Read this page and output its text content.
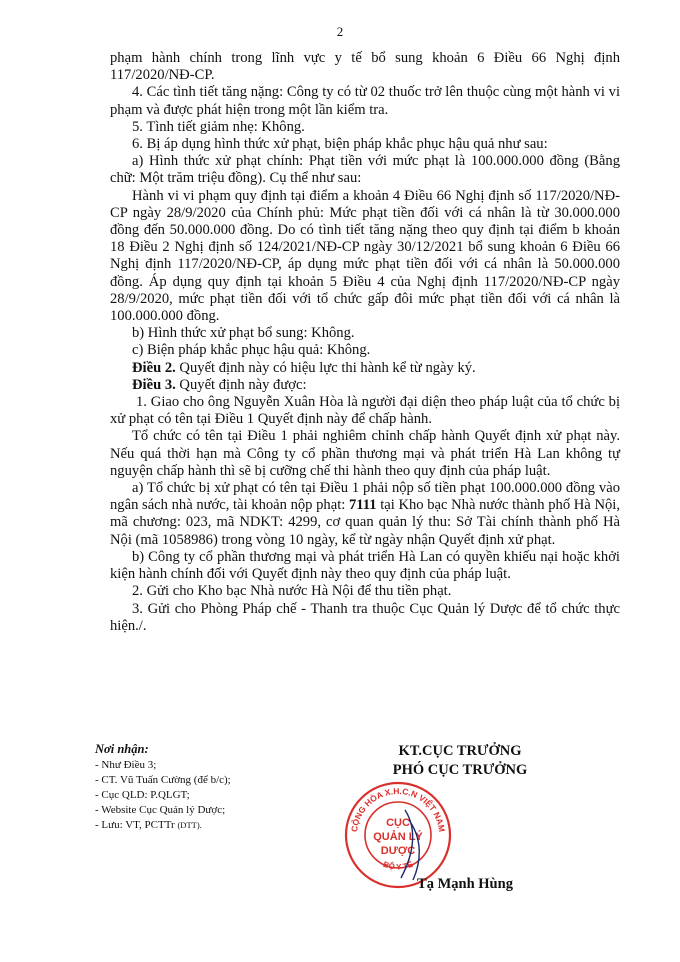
2

phạm hành chính trong lĩnh vực y tế bổ sung khoản 6 Điều 66 Nghị định 117/2020/NĐ-CP.

4. Các tình tiết tăng nặng: Công ty có từ 02 thuốc trở lên thuộc cùng một hành vi vi phạm và được phát hiện trong một lần kiểm tra.

5. Tình tiết giảm nhẹ: Không.

6. Bị áp dụng hình thức xử phạt, biện pháp khắc phục hậu quả như sau:

a) Hình thức xử phạt chính: Phạt tiền với mức phạt là 100.000.000 đồng (Bằng chữ: Một trăm triệu đồng). Cụ thể như sau:

Hành vi vi phạm quy định tại điểm a khoản 4 Điều 66 Nghị định số 117/2020/NĐ-CP ngày 28/9/2020 của Chính phủ: Mức phạt tiền đối với cá nhân là từ 30.000.000 đồng đến 50.000.000 đồng. Do có tình tiết tăng nặng theo quy định tại điểm b khoản 18 Điều 2 Nghị định số 124/2021/NĐ-CP ngày 30/12/2021 bổ sung khoản 6 Điều 66 Nghị định 117/2020/NĐ-CP, áp dụng mức phạt tiền đối với cá nhân là 50.000.000 đồng. Áp dụng quy định tại khoản 5 Điều 4 của Nghị định 117/2020/NĐ-CP ngày 28/9/2020, mức phạt tiền đối với tổ chức gấp đôi mức phạt tiền đối với cá nhân là 100.000.000 đồng.

b) Hình thức xử phạt bổ sung: Không.

c) Biện pháp khắc phục hậu quả: Không.

Điều 2. Quyết định này có hiệu lực thi hành kể từ ngày ký.

Điều 3. Quyết định này được:

1. Giao cho ông Nguyễn Xuân Hòa là người đại diện theo pháp luật của tổ chức bị xử phạt có tên tại Điều 1 Quyết định này để chấp hành.

Tổ chức có tên tại Điều 1 phải nghiêm chỉnh chấp hành Quyết định xử phạt này. Nếu quá thời hạn mà Công ty cổ phần thương mại và phát triển Hà Lan không tự nguyện chấp hành thì sẽ bị cưỡng chế thi hành theo quy định của pháp luật.

a) Tổ chức bị xử phạt có tên tại Điều 1 phải nộp số tiền phạt 100.000.000 đồng vào ngân sách nhà nước, tài khoản nộp phạt: 7111 tại Kho bạc Nhà nước thành phố Hà Nội, mã chương: 023, mã NDKT: 4299, cơ quan quản lý thu: Sở Tài chính thành phố Hà Nội (mã 1058986) trong vòng 10 ngày, kể từ ngày nhận Quyết định xử phạt.

b) Công ty cổ phần thương mại và phát triển Hà Lan có quyền khiếu nại hoặc khởi kiện hành chính đối với Quyết định này theo quy định của pháp luật.

2. Gửi cho Kho bạc Nhà nước Hà Nội để thu tiền phạt.

3. Gửi cho Phòng Pháp chế - Thanh tra thuộc Cục Quản lý Dược để tổ chức thực hiện./.

Nơi nhận:
- Như Điều 3;
- CT. Vũ Tuấn Cường (để b/c);
- Cục QLD: P.QLGT;
- Website Cục Quản lý Dược;
- Lưu: VT, PCTTr (DTT).
KT.CỤC TRƯỞNG
PHÓ CỤC TRƯỞNG
CỘNG HÒA X.H.C.N VIỆT NAM
BỘ Y TẾ
CỤC
QUẢN LÝ
DƯỢC
Tạ Mạnh Hùng
